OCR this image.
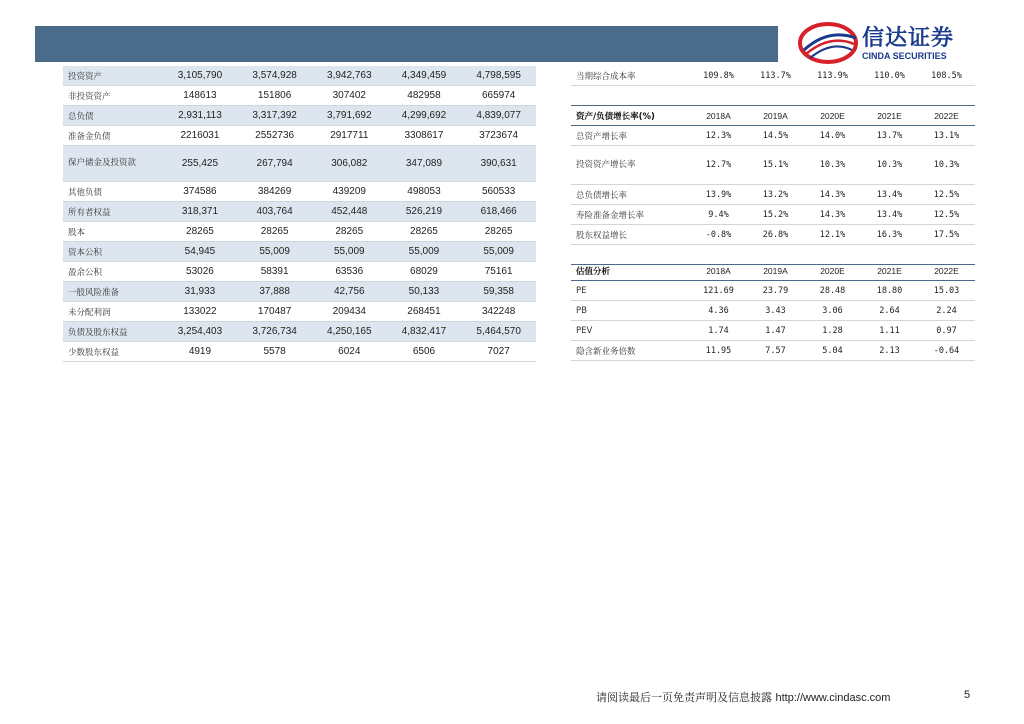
信达证券
CINDA SECURITIES
投资资产	3,105,790	3,574,928	3,942,763	4,349,459	4,798,595
非投资资产	148613	151806	307402	482958	665974
总负债	2,931,113	3,317,392	3,791,692	4,299,692	4,839,077
准备金负债	2216031	2552736	2917711	3308617	3723674
保户储金及投资款	255,425	267,794	306,082	347,089	390,631
其他负债	374586	384269	439209	498053	560533
所有者权益	318,371	403,764	452,448	526,219	618,466
股本	28265	28265	28265	28265	28265
资本公积	54,945	55,009	55,009	55,009	55,009
盈余公积	53026	58391	63536	68029	75161
一般风险准备	31,933	37,888	42,756	50,133	59,358
未分配利润	133022	170487	209434	268451	342248
负债及股东权益	3,254,403	3,726,734	4,250,165	4,832,417	5,464,570
少数股东权益	4919	5578	6024	6506	7027
当期综合成本率	109.8%	113.7%	113.9%	110.0%	108.5%

资产/负债增长率(%)	2018A	2019A	2020E	2021E	2022E
总资产增长率	12.3%	14.5%	14.0%	13.7%	13.1%
投资资产增长率	12.7%	15.1%	10.3%	10.3%	10.3%
总负债增长率	13.9%	13.2%	14.3%	13.4%	12.5%
寿险准备金增长率	9.4%	15.2%	14.3%	13.4%	12.5%
股东权益增长	-0.8%	26.8%	12.1%	16.3%	17.5%

估值分析	2018A	2019A	2020E	2021E	2022E
PE	121.69	23.79	28.48	18.80	15.03
PB	4.36	3.43	3.06	2.64	2.24
PEV	1.74	1.47	1.28	1.11	0.97
隐含新业务倍数	11.95	7.57	5.04	2.13	-0.64
请阅读最后一页免责声明及信息披露 http://www.cindasc.com	5
